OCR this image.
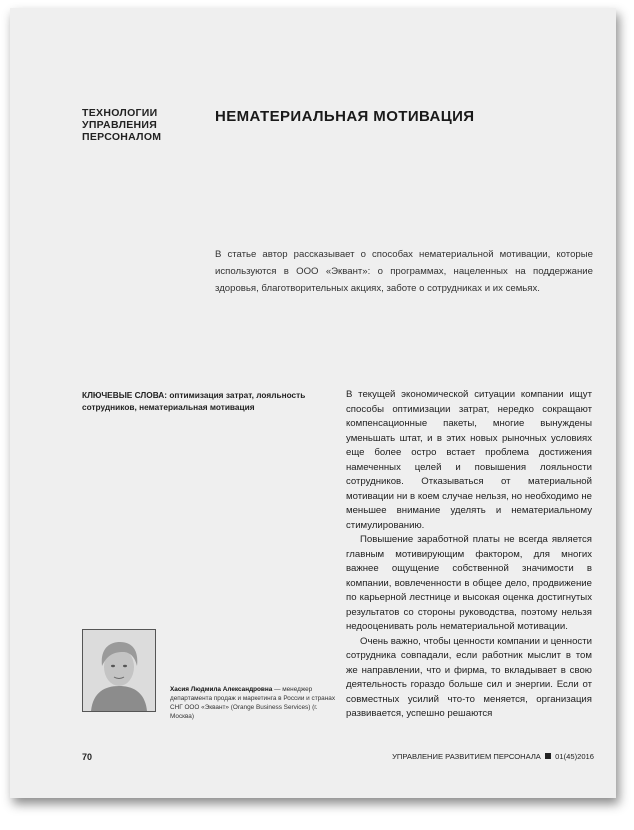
ТЕХНОЛОГИИ
УПРАВЛЕНИЯ
ПЕРСОНАЛОМ
НЕМАТЕРИАЛЬНАЯ МОТИВАЦИЯ
В статье автор рассказывает о способах нематериальной мотивации, которые используются в ООО «Эквант»: о программах, нацеленных на поддержание здоровья, благотворительных акциях, заботе о сотрудниках и их семьях.
КЛЮЧЕВЫЕ СЛОВА: оптимизация затрат, лояльность сотрудников, нематериальная мотивация

В текущей экономической ситуации компании ищут способы оптимизации затрат, нередко сокращают компенсационные пакеты, многие вынуждены уменьшать штат, и в этих новых рыночных условиях еще более остро встает проблема достижения намеченных целей и повышения лояльности сотрудников. Отказываться от материальной мотивации ни в коем случае нельзя, но необходимо не меньшее внимание уделять и нематериальному стимулированию.

Повышение заработной платы не всегда является главным мотивирующим фактором, для многих важнее ощущение собственной значимости в компании, вовлеченности в общее дело, продвижение по карьерной лестнице и высокая оценка достигнутых результатов со стороны руководства, поэтому нельзя недооценивать роль нематериальной мотивации.

Очень важно, чтобы ценности компании и ценности сотрудника совпадали, если работник мыслит в том же направлении, что и фирма, то вкладывает в свою деятельность гораздо больше сил и энергии. Если от совместных усилий что-то меняется, организация развивается, успешно решаются

Хасия Людмила Александровна — менеджер департамента продаж и маркетинга в России и странах СНГ ООО «Эквант» (Orange Business Services) (г. Москва)
70	УПРАВЛЕНИЕ РАЗВИТИЕМ ПЕРСОНАЛА 01(45)2016
